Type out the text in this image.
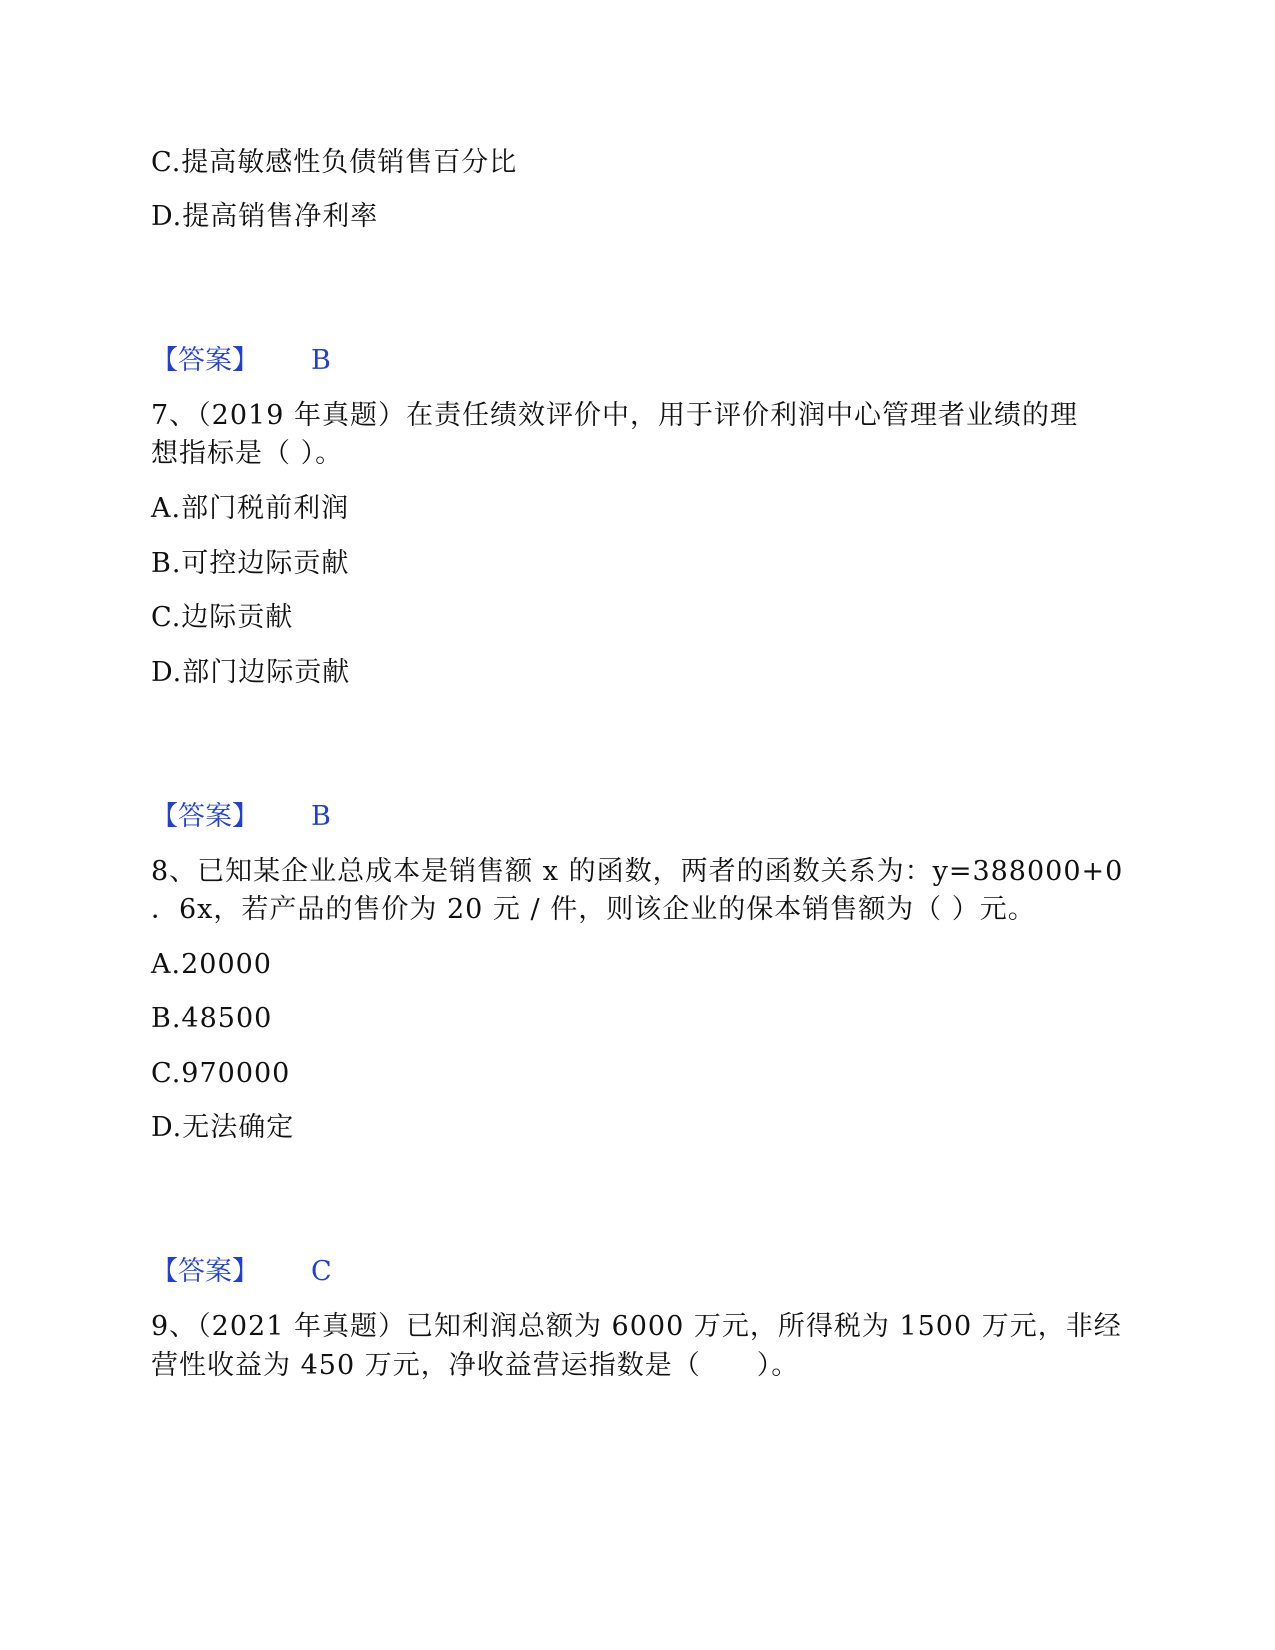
C.提高敏感性负债销售百分比
D.提高销售净利率
【答案】 B
7、（2019 年真题）在责任绩效评价中，用于评价利润中心管理者业绩的理
想指标是（ ）。
A.部门税前利润
B.可控边际贡献
C.边际贡献
D.部门边际贡献
【答案】 B
8、已知某企业总成本是销售额 x 的函数，两者的函数关系为：y=388000+0
．6x，若产品的售价为 20 元 / 件，则该企业的保本销售额为（ ）元。
A.20000
B.48500
C.970000
D.无法确定
【答案】 C
9、（2021 年真题）已知利润总额为 6000 万元，所得税为 1500 万元，非经
营性收益为 450 万元，净收益营运指数是（　　）。
